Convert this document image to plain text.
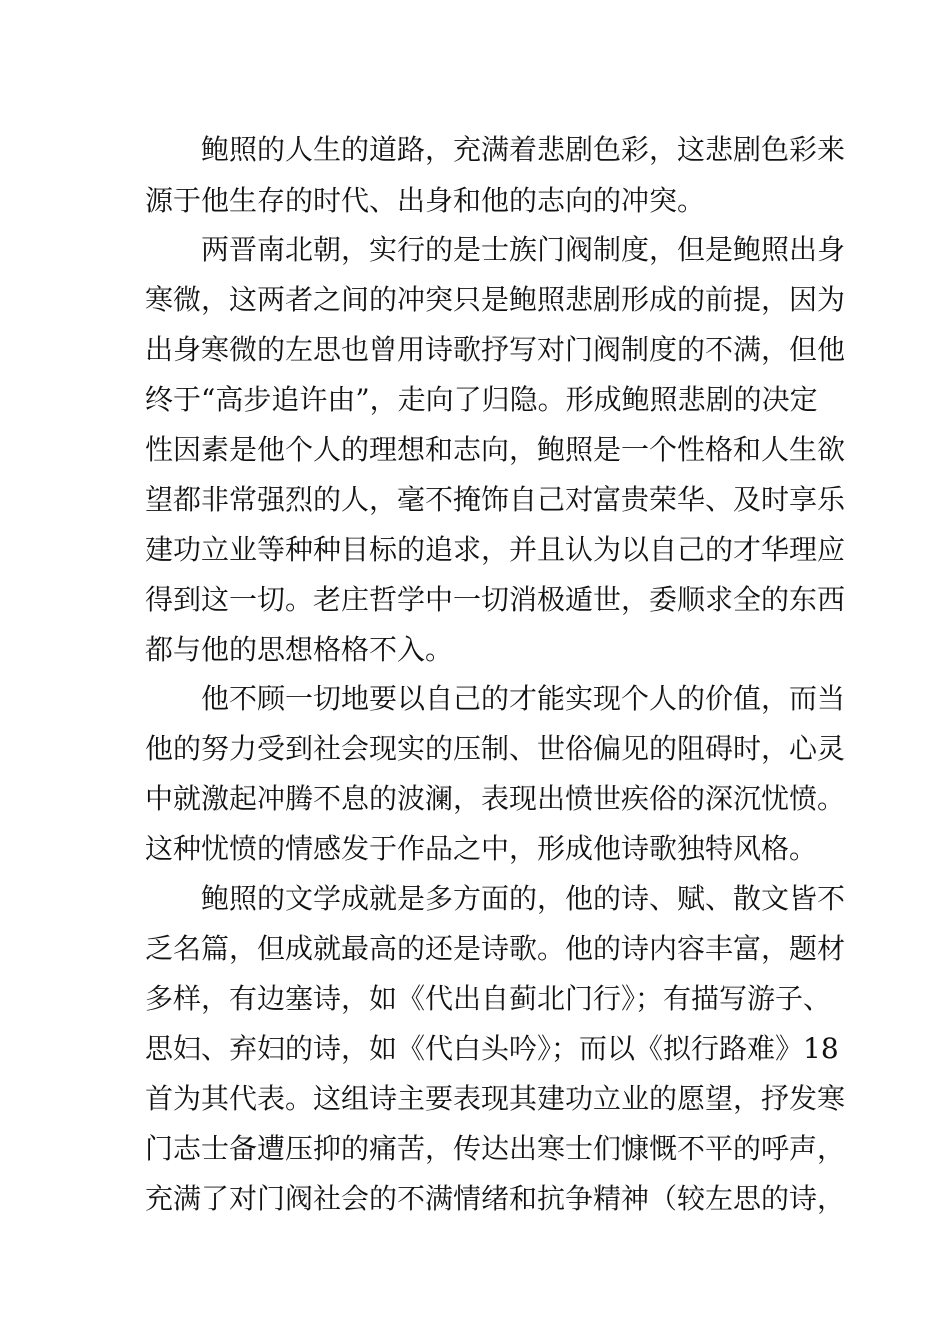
鲍照的人生的道路，充满着悲剧色彩，这悲剧色彩来
源于他生存的时代、出身和他的志向的冲突。
两晋南北朝，实行的是士族门阀制度，但是鲍照出身
寒微，这两者之间的冲突只是鲍照悲剧形成的前提，因为
出身寒微的左思也曾用诗歌抒写对门阀制度的不满，但他
终于“高步追许由”，走向了归隐。形成鲍照悲剧的决定
性因素是他个人的理想和志向，鲍照是一个性格和人生欲
望都非常强烈的人，毫不掩饰自己对富贵荣华、及时享乐
建功立业等种种目标的追求，并且认为以自己的才华理应
得到这一切。老庄哲学中一切消极遁世，委顺求全的东西
都与他的思想格格不入。
他不顾一切地要以自己的才能实现个人的价值，而当
他的努力受到社会现实的压制、世俗偏见的阻碍时，心灵
中就激起冲腾不息的波澜，表现出愤世疾俗的深沉忧愤。
这种忧愤的情感发于作品之中，形成他诗歌独特风格。
鲍照的文学成就是多方面的，他的诗、赋、散文皆不
乏名篇，但成就最高的还是诗歌。他的诗内容丰富，题材
多样，有边塞诗，如《代出自蓟北门行》；有描写游子、
思妇、弃妇的诗，如《代白头吟》；而以《拟行路难》18
首为其代表。这组诗主要表现其建功立业的愿望，抒发寒
门志士备遭压抑的痛苦，传达出寒士们慷慨不平的呼声，
充满了对门阀社会的不满情绪和抗争精神（较左思的诗，
